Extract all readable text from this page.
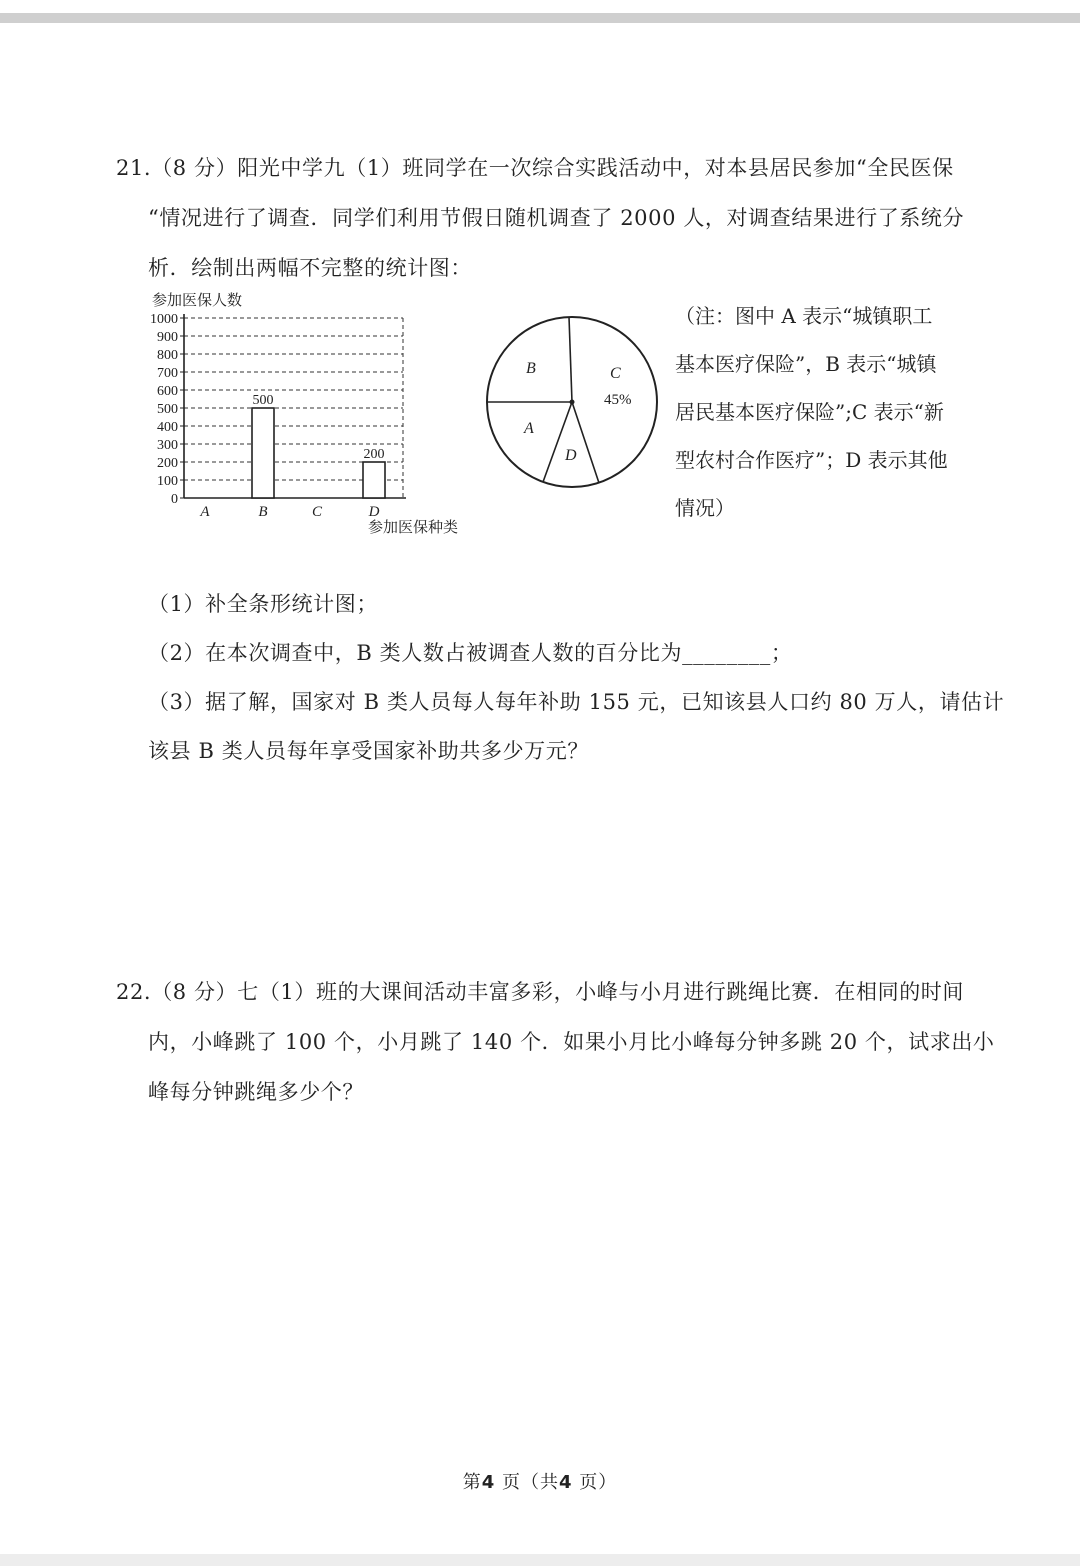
21.（8 分）阳光中学九（1）班同学在一次综合实践活动中，对本县居民参加“全民医保
“情况进行了调查．同学们利用节假日随机调查了 2000 人，对调查结果进行了系统分
析．绘制出两幅不完整的统计图：
参加医保人数
0
100
200
300
400
500
600
700
800
900
1000
500
200
A	B	C	D
参加医保种类
B	C
45%
A
D
（注：图中 A 表示“城镇职工
基本医疗保险”，B 表示“城镇
居民基本医疗保险”;C 表示“新
型农村合作医疗”；D 表示其他
情况）
（1）补全条形统计图；
（2）在本次调查中，B 类人数占被调查人数的百分比为________；
（3）据了解，国家对 B 类人员每人每年补助 155 元，已知该县人口约 80 万人，请估计
该县 B 类人员每年享受国家补助共多少万元？
22.（8 分）七（1）班的大课间活动丰富多彩，小峰与小月进行跳绳比赛．在相同的时间
内，小峰跳了 100 个，小月跳了 140 个．如果小月比小峰每分钟多跳 20 个，试求出小
峰每分钟跳绳多少个？
第4 页（共4 页）
